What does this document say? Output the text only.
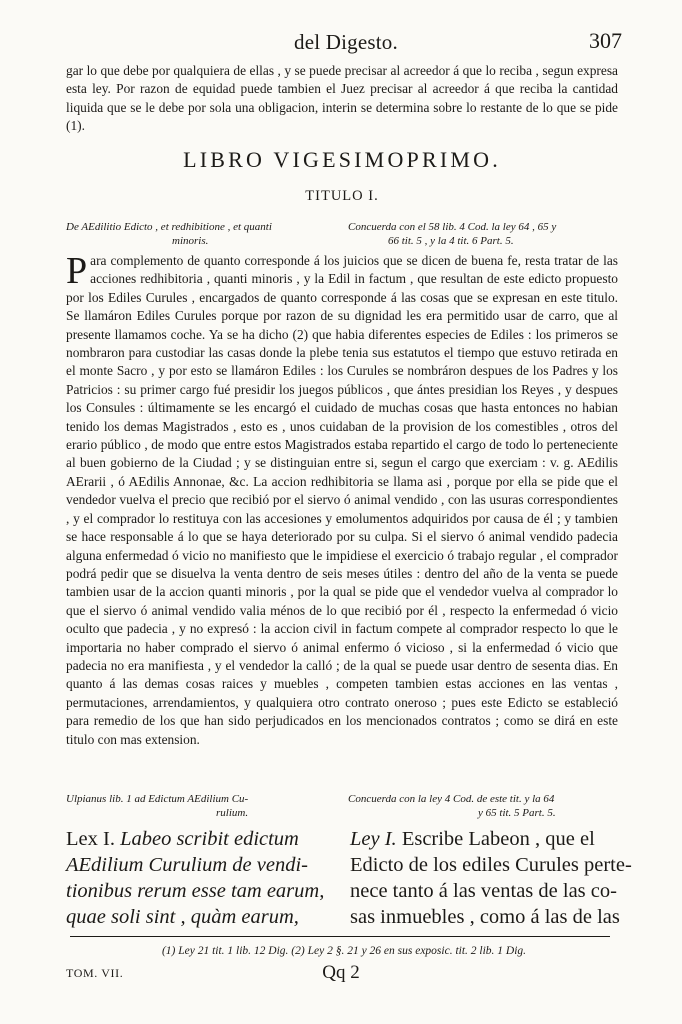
del Digesto.	307

gar lo que debe por qualquiera de ellas , y se puede precisar al acreedor á que lo reciba , segun expresa esta ley. Por razon de equidad puede tambien el Juez precisar al acreedor á que reciba la cantidad liquida que se le debe por sola una obligacion, interin se determina sobre lo restante de lo que se pide (1).

LIBRO VIGESIMOPRIMO.
TITULO I.
De AEdilitio Edicto , et redhibitione , et quanti
minoris.
Concuerda con el 58 lib. 4 Cod. la ley 64 , 65 y
66 tit. 5 , y la 4 tit. 6 Part. 5.
Para complemento de quanto corresponde á los juicios que se dicen de buena fe, resta tratar de las acciones redhibitoria , quanti minoris , y la Edil in factum , que resultan de este edicto propuesto por los Ediles Curules , encargados de quanto corresponde á las cosas que se expresan en este titulo. Se llamáron Ediles Curules porque por razon de su dignidad les era permitido usar de carro, que al presente llamamos coche. Ya se ha dicho (2) que habia diferentes especies de Ediles : los primeros se nombraron para custodiar las casas donde la plebe tenia sus estatutos el tiempo que estuvo retirada en el monte Sacro , y por esto se llamáron Ediles : los Curules se nombráron despues de los Padres y los Patricios : su primer cargo fué presidir los juegos públicos , que ántes presidian los Reyes , y despues los Consules : últimamente se les encargó el cuidado de muchas cosas que hasta entonces no habian tenido los demas Magistrados , esto es , unos cuidaban de la provision de los comestibles , otros del erario público , de modo que entre estos Magistrados estaba repartido el cargo de todo lo perteneciente al buen gobierno de la Ciudad ; y se distinguian entre si, segun el cargo que exerciam : v. g. AEdilis AErarii , ó AEdilis Annonae, &c. La accion redhibitoria se llama asi , porque por ella se pide que el vendedor vuelva el precio que recibió por el siervo ó animal vendido , con las usuras correspondientes , y el comprador lo restituya con las accesiones y emolumentos adquiridos por causa de él ; y tambien se hace responsable á lo que se haya deteriorado por su culpa. Si el siervo ó animal vendido padecia alguna enfermedad ó vicio no manifiesto que le impidiese el exercicio ó trabajo regular , el comprador podrá pedir que se disuelva la venta dentro de seis meses útiles : dentro del año de la venta se puede tambien usar de la accion quanti minoris , por la qual se pide que el vendedor vuelva al comprador lo que el siervo ó animal vendido valia ménos de lo que recibió por él , respecto la enfermedad ó vicio oculto que padecia , y no expresó : la accion civil in factum compete al comprador respecto lo que le importaria no haber comprado el siervo ó animal enfermo ó vicioso , si la enfermedad ó vicio que padecia no era manifiesta , y el vendedor la calló ; de la qual se puede usar dentro de sesenta dias. En quanto á las demas cosas raices y muebles , competen tambien estas acciones en las ventas , permutaciones, arrendamientos, y qualquiera otro contrato oneroso ; pues este Edicto se estableció para remedio de los que han sido perjudicados en los mencionados contratos ; como se dirá en este titulo con mas extension.
Ulpianus lib. 1 ad Edictum AEdilium Cu-
rulium.
Concuerda con la ley 4 Cod. de este tit. y la 64
y 65 tit. 5 Part. 5.
Lex I. Labeo scribit edictum
AEdilium Curulium de vendi-
tionibus rerum esse tam earum,
quae soli sint , quàm earum,
Ley I. Escribe Labeon , que el
Edicto de los ediles Curules perte-
nece tanto á las ventas de las co-
sas inmuebles , como á las de las
(1) Ley 21 tit. 1 lib. 12 Dig. (2) Ley 2 §. 21 y 26 en sus exposic. tit. 2 lib. 1 Dig.
TOM. VII.	Qq 2
